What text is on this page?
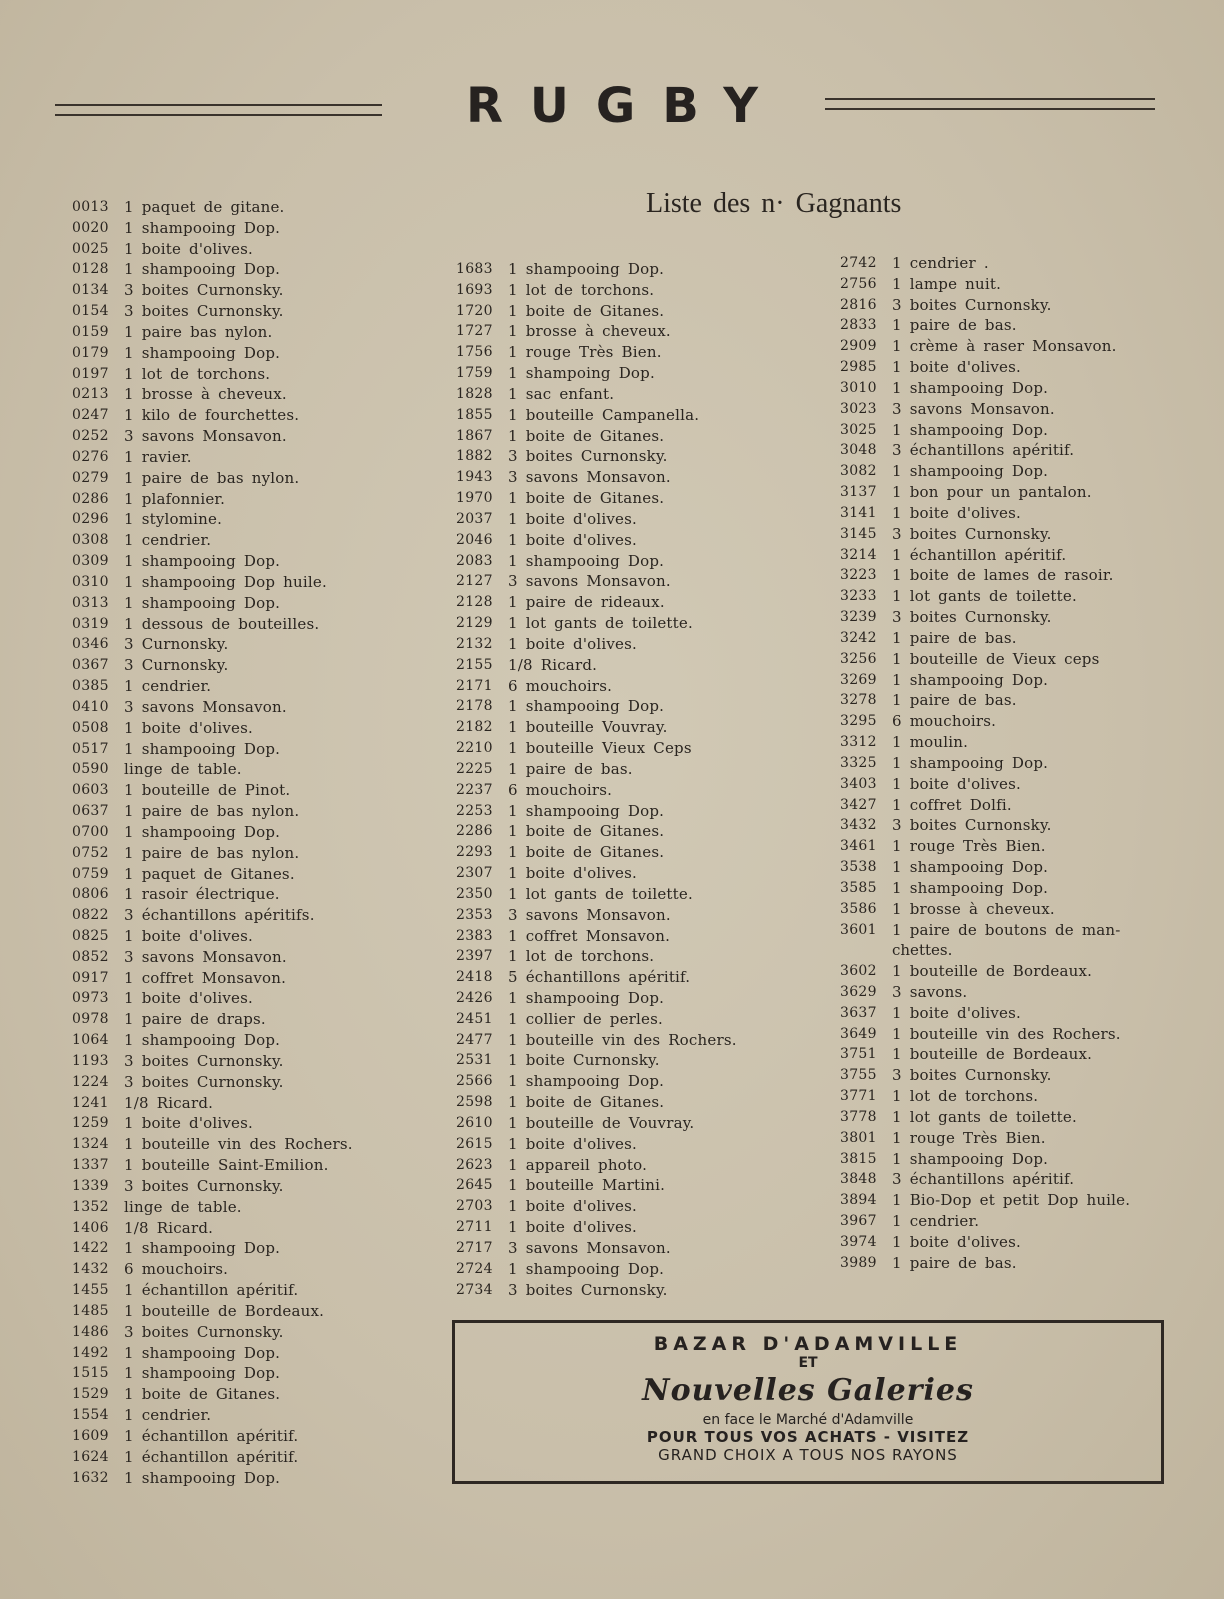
RUGBY
Liste des n· Gagnants
0013	1 paquet de gitane.
0020	1 shampooing Dop.
0025	1 boite d'olives.
0128	1 shampooing Dop.
0134	3 boites Curnonsky.
0154	3 boites Curnonsky.
0159	1 paire bas nylon.
0179	1 shampooing Dop.
0197	1 lot de torchons.
0213	1 brosse à cheveux.
0247	1 kilo de fourchettes.
0252	3 savons Monsavon.
0276	1 ravier.
0279	1 paire de bas nylon.
0286	1 plafonnier.
0296	1 stylomine.
0308	1 cendrier.
0309	1 shampooing Dop.
0310	1 shampooing Dop huile.
0313	1 shampooing Dop.
0319	1 dessous de bouteilles.
0346	3 Curnonsky.
0367	3 Curnonsky.
0385	1 cendrier.
0410	3 savons Monsavon.
0508	1 boite d'olives.
0517	1 shampooing Dop.
0590	linge de table.
0603	1 bouteille de Pinot.
0637	1 paire de bas nylon.
0700	1 shampooing Dop.
0752	1 paire de bas nylon.
0759	1 paquet de Gitanes.
0806	1 rasoir électrique.
0822	3 échantillons apéritifs.
0825	1 boite d'olives.
0852	3 savons Monsavon.
0917	1 coffret Monsavon.
0973	1 boite d'olives.
0978	1 paire de draps.
1064	1 shampooing Dop.
1193	3 boites Curnonsky.
1224	3 boites Curnonsky.
1241	1/8 Ricard.
1259	1 boite d'olives.
1324	1 bouteille vin des Rochers.
1337	1 bouteille Saint-Emilion.
1339	3 boites Curnonsky.
1352	linge de table.
1406	1/8 Ricard.
1422	1 shampooing Dop.
1432	6 mouchoirs.
1455	1 échantillon apéritif.
1485	1 bouteille de Bordeaux.
1486	3 boites Curnonsky.
1492	1 shampooing Dop.
1515	1 shampooing Dop.
1529	1 boite de Gitanes.
1554	1 cendrier.
1609	1 échantillon apéritif.
1624	1 échantillon apéritif.
1632	1 shampooing Dop.
1683	1 shampooing Dop.
1693	1 lot de torchons.
1720	1 boite de Gitanes.
1727	1 brosse à cheveux.
1756	1 rouge Très Bien.
1759	1 shampoing Dop.
1828	1 sac enfant.
1855	1 bouteille Campanella.
1867	1 boite de Gitanes.
1882	3 boites Curnonsky.
1943	3 savons Monsavon.
1970	1 boite de Gitanes.
2037	1 boite d'olives.
2046	1 boite d'olives.
2083	1 shampooing Dop.
2127	3 savons Monsavon.
2128	1 paire de rideaux.
2129	1 lot gants de toilette.
2132	1 boite d'olives.
2155	1/8 Ricard.
2171	6 mouchoirs.
2178	1 shampooing Dop.
2182	1 bouteille Vouvray.
2210	1 bouteille Vieux Ceps
2225	1 paire de bas.
2237	6 mouchoirs.
2253	1 shampooing Dop.
2286	1 boite de Gitanes.
2293	1 boite de Gitanes.
2307	1 boite d'olives.
2350	1 lot gants de toilette.
2353	3 savons Monsavon.
2383	1 coffret Monsavon.
2397	1 lot de torchons.
2418	5 échantillons apéritif.
2426	1 shampooing Dop.
2451	1 collier de perles.
2477	1 bouteille vin des Rochers.
2531	1 boite Curnonsky.
2566	1 shampooing Dop.
2598	1 boite de Gitanes.
2610	1 bouteille de Vouvray.
2615	1 boite d'olives.
2623	1 appareil photo.
2645	1 bouteille Martini.
2703	1 boite d'olives.
2711	1 boite d'olives.
2717	3 savons Monsavon.
2724	1 shampooing Dop.
2734	3 boites Curnonsky.
2742	1 cendrier .
2756	1 lampe nuit.
2816	3 boites Curnonsky.
2833	1 paire de bas.
2909	1 crème à raser Monsavon.
2985	1 boite d'olives.
3010	1 shampooing Dop.
3023	3 savons Monsavon.
3025	1 shampooing Dop.
3048	3 échantillons apéritif.
3082	1 shampooing Dop.
3137	1 bon pour un pantalon.
3141	1 boite d'olives.
3145	3 boites Curnonsky.
3214	1 échantillon apéritif.
3223	1 boite de lames de rasoir.
3233	1 lot gants de toilette.
3239	3 boites Curnonsky.
3242	1 paire de bas.
3256	1 bouteille de Vieux ceps
3269	1 shampooing Dop.
3278	1 paire de bas.
3295	6 mouchoirs.
3312	1 moulin.
3325	1 shampooing Dop.
3403	1 boite d'olives.
3427	1 coffret Dolfi.
3432	3 boites Curnonsky.
3461	1 rouge Très Bien.
3538	1 shampooing Dop.
3585	1 shampooing Dop.
3586	1 brosse à cheveux.
3601	1 paire de boutons de man-
chettes.
3602	1 bouteille de Bordeaux.
3629	3 savons.
3637	1 boite d'olives.
3649	1 bouteille vin des Rochers.
3751	1 bouteille de Bordeaux.
3755	3 boites Curnonsky.
3771	1 lot de torchons.
3778	1 lot gants de toilette.
3801	1 rouge Très Bien.
3815	1 shampooing Dop.
3848	3 échantillons apéritif.
3894	1 Bio-Dop et petit Dop huile.
3967	1 cendrier.
3974	1 boite d'olives.
3989	1 paire de bas.
BAZAR D'ADAMVILLE
ET
Nouvelles Galeries
en face le Marché d'Adamville
POUR TOUS VOS ACHATS - VISITEZ
GRAND CHOIX A TOUS NOS RAYONS
